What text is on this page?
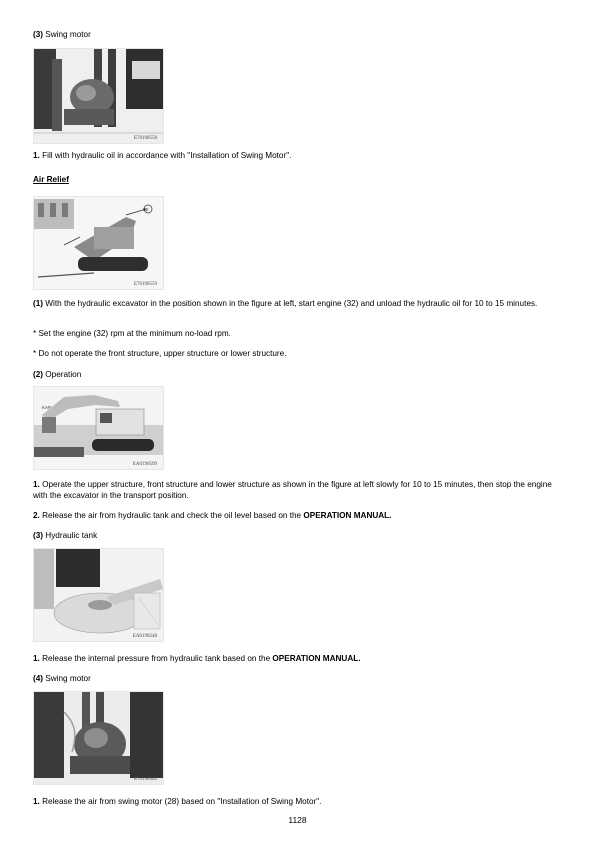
(3) Swing motor
E70190558
1. Fill with hydraulic oil in accordance with "Installation of Swing Motor".
Air Relief
32
E70190559
(1) With the hydraulic excavator in the position shown in the figure at left, start engine (32) and unload the hydraulic oil for 10 to 15 minutes.
* Set the engine (32) rpm at the minimum no-load rpm.
* Do not operate the front structure, upper structure or lower structure.
(2) Operation
KAP
EA0190599
1. Operate the upper structure, front structure and lower structure as shown in the figure at left slowly for 10 to 15 minutes, then stop the engine with the excavator in the transport position.
2. Release the air from hydraulic tank and check the oil level based on the OPERATION MANUAL.
(3) Hydraulic tank
EA0190248
1. Release the internal pressure from hydraulic tank based on the OPERATION MANUAL.
(4) Swing motor
E70190562
1. Release the air from swing motor (28) based on "Installation of Swing Motor".
1128
